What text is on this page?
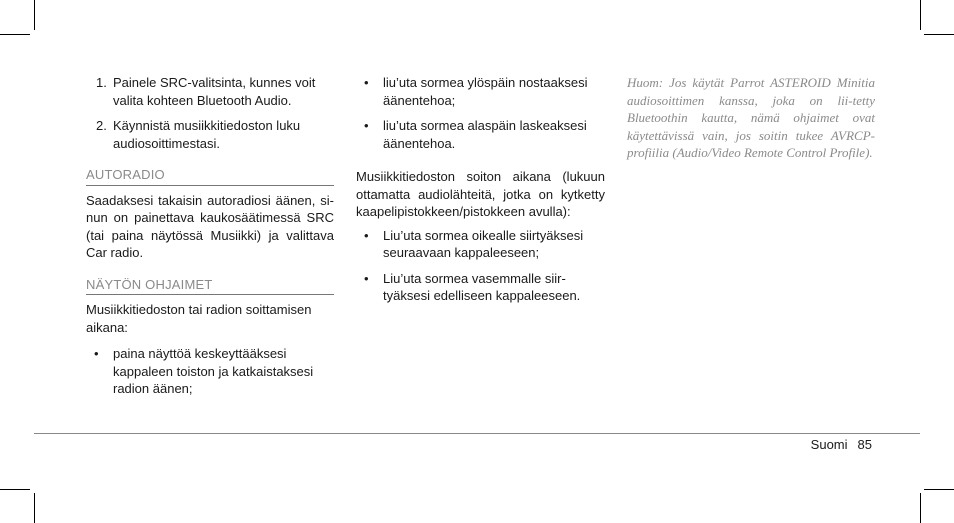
1. Painele SRC-valitsinta, kunnes voit valita kohteen Bluetooth Audio.
2. Käynnistä musiikkitiedoston luku audiosoittimestasi.
AUTORADIO

Saadaksesi takaisin autoradiosi äänen, si-nun on painettava kaukosäätimessä SRC (tai paina näytössä Musiikki) ja valittava Car radio.

NÄYTÖN OHJAIMET

Musiikkitiedoston tai radion soittamisen aikana:

• paina näyttöä keskeyttääksesi kappaleen toiston ja katkaistaksesi radion äänen;
• liu’uta sormea ylöspäin nostaaksesi äänentehoa;
• liu’uta sormea alaspäin laskeaksesi äänentehoa.

Musiikkitiedoston soiton aikana (lukuun ottamatta audiolähteitä, jotka on kytketty kaapelipistokkeen/pistokkeen avulla):

• Liu’uta sormea oikealle siirtyäksesi seuraavaan kappaleeseen;
• Liu’uta sormea vasemmalle siir-tyäksesi edelliseen kappaleeseen.

Huom: Jos käytät Parrot ASTEROID Minitia audiosoittimen kanssa, joka on lii-tetty Bluetoothin kautta, nämä ohjaimet ovat käytettävissä vain, jos soitin tukee AVRCP-profiilia (Audio/Video Remote Control Profile).

Suomi 85
